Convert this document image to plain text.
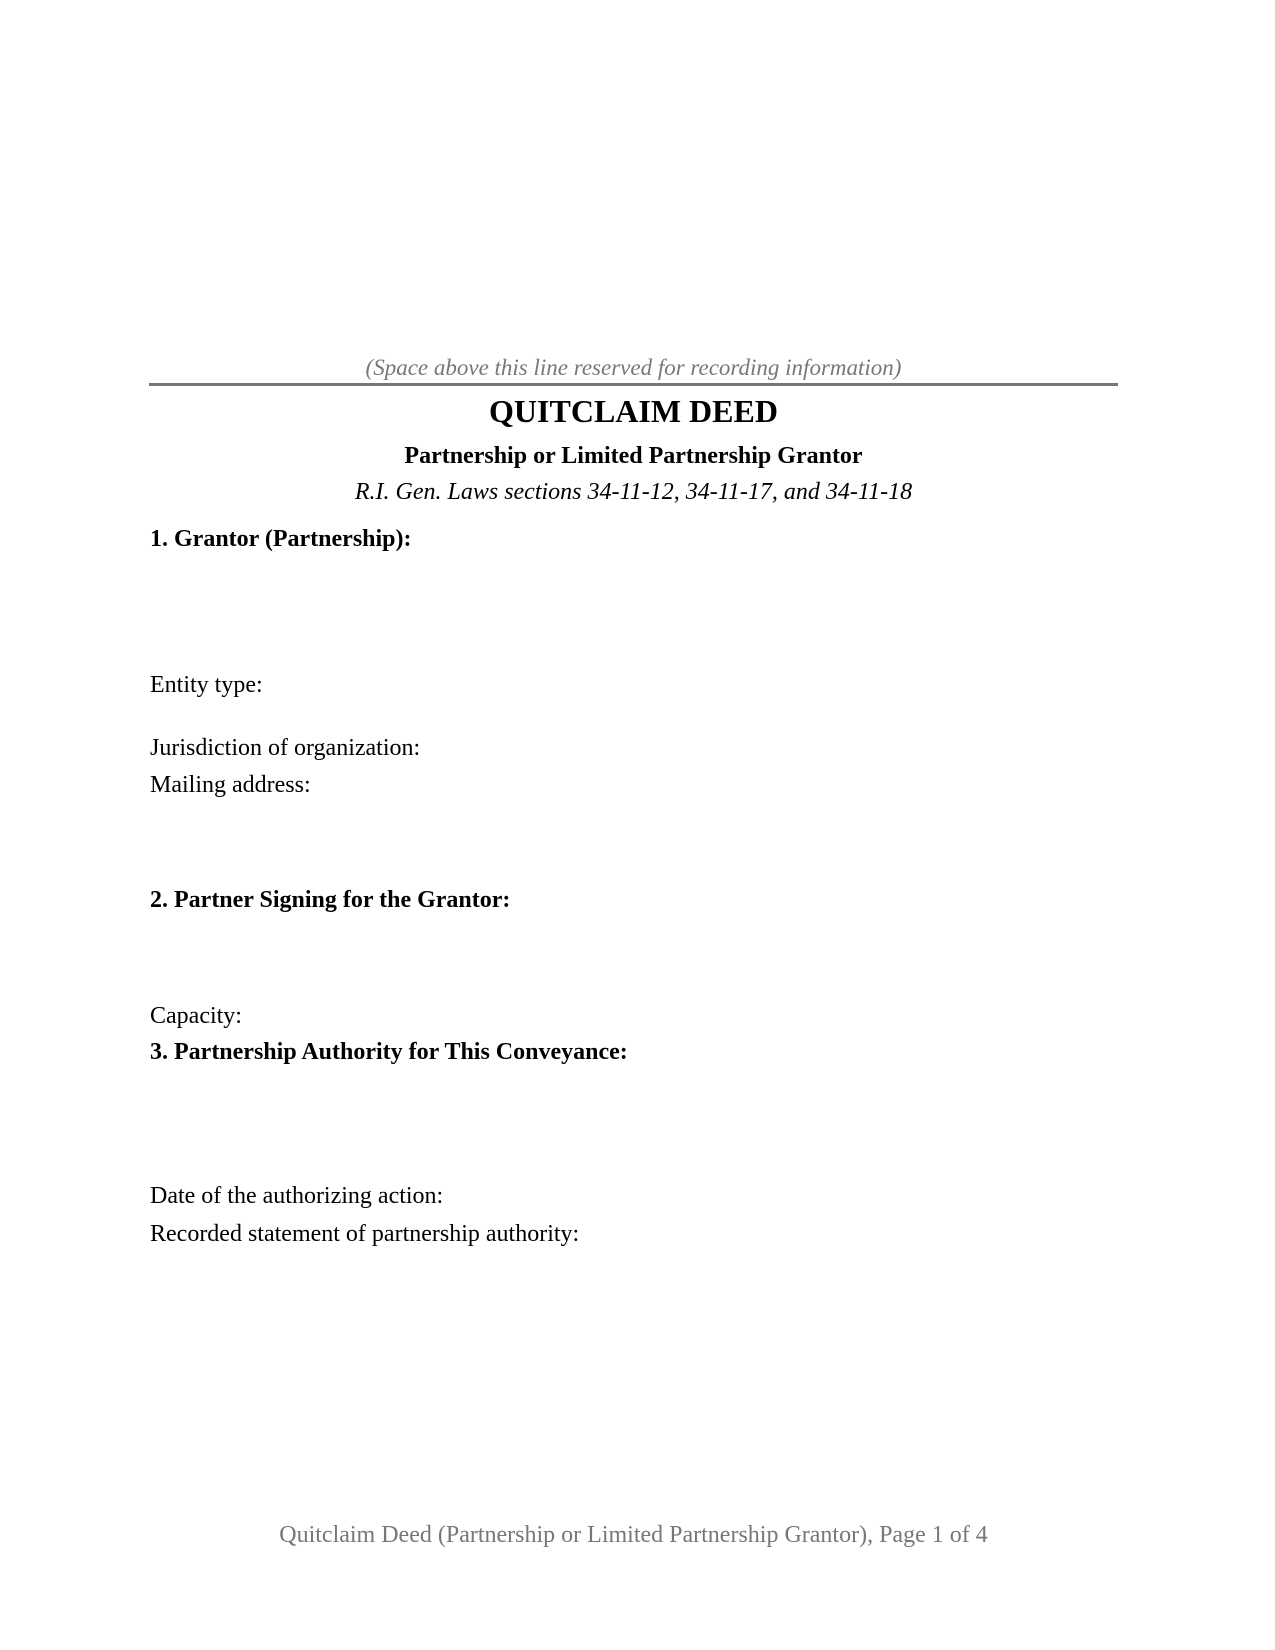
(Space above this line reserved for recording information)
QUITCLAIM DEED
Partnership or Limited Partnership Grantor
R.I. Gen. Laws sections 34-11-12, 34-11-17, and 34-11-18
1. Grantor (Partnership):
Entity type:
Jurisdiction of organization:
Mailing address:
2. Partner Signing for the Grantor:
Capacity:
3. Partnership Authority for This Conveyance:
Date of the authorizing action:
Recorded statement of partnership authority:
Quitclaim Deed (Partnership or Limited Partnership Grantor), Page 1 of 4
